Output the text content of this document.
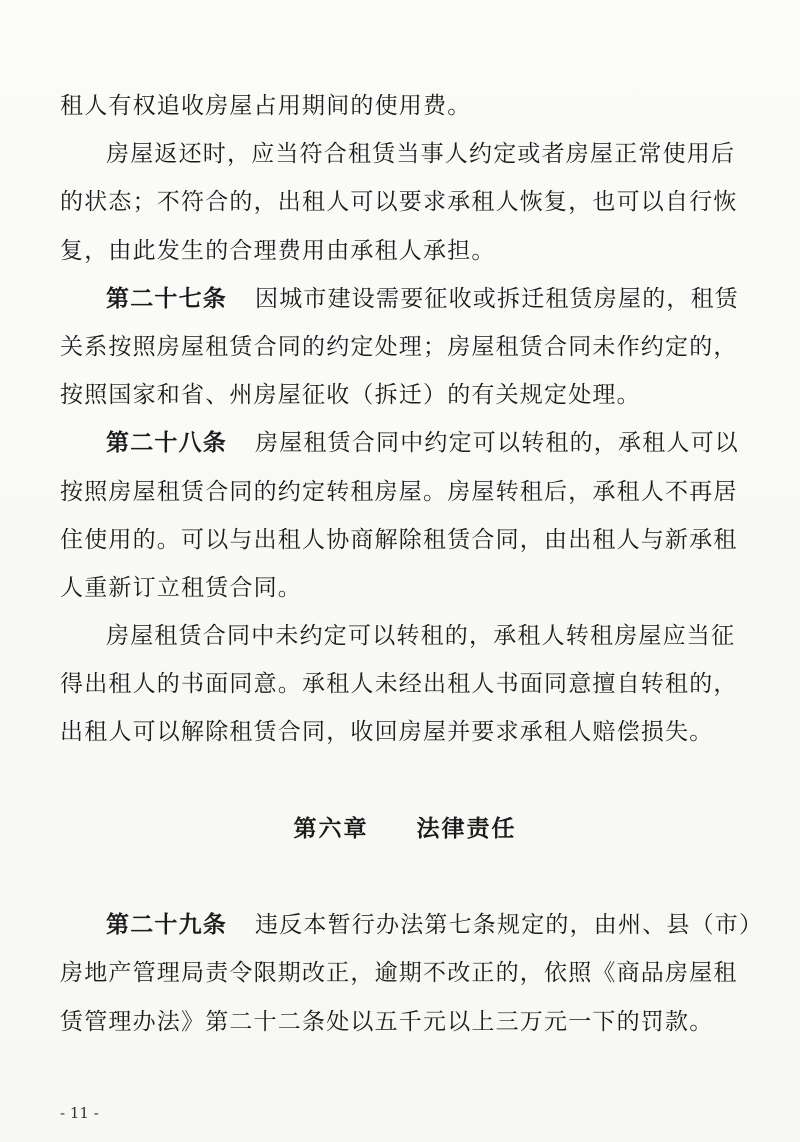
租人有权追收房屋占用期间的使用费。
房屋返还时，应当符合租赁当事人约定或者房屋正常使用后
的状态；不符合的，出租人可以要求承租人恢复，也可以自行恢
复，由此发生的合理费用由承租人承担。
第二十七条 因城市建设需要征收或拆迁租赁房屋的，租赁
关系按照房屋租赁合同的约定处理；房屋租赁合同未作约定的，
按照国家和省、州房屋征收（拆迁）的有关规定处理。
第二十八条 房屋租赁合同中约定可以转租的，承租人可以
按照房屋租赁合同的约定转租房屋。房屋转租后，承租人不再居
住使用的。可以与出租人协商解除租赁合同，由出租人与新承租
人重新订立租赁合同。
房屋租赁合同中未约定可以转租的，承租人转租房屋应当征
得出租人的书面同意。承租人未经出租人书面同意擅自转租的，
出租人可以解除租赁合同，收回房屋并要求承租人赔偿损失。
第六章 法律责任
第二十九条 违反本暂行办法第七条规定的，由州、县（市）
房地产管理局责令限期改正，逾期不改正的，依照《商品房屋租
赁管理办法》第二十二条处以五千元以上三万元一下的罚款。
- 11 -
